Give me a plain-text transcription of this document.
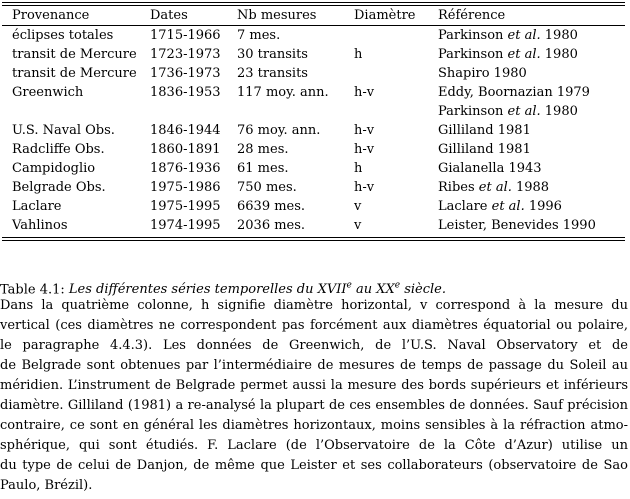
Provenance	Dates	Nb mesures	Diamètre	Référence

éclipses totales	1715-1966	7 mes.		Parkinson et al. 1980
transit de Mercure	1723-1973	30 transits	h	Parkinson et al. 1980
transit de Mercure	1736-1973	23 transits		Shapiro 1980
Greenwich	1836-1953	117 moy. ann.	h-v	Eddy, Boornazian 1979
				Parkinson et al. 1980
U.S. Naval Obs.	1846-1944	76 moy. ann.	h-v	Gilliland 1981
Radcliffe Obs.	1860-1891	28 mes.	h-v	Gilliland 1981
Campidoglio	1876-1936	61 mes.	h	Gialanella 1943
Belgrade Obs.	1975-1986	750 mes.	h-v	Ribes et al. 1988
Laclare	1975-1995	6639 mes.	v	Laclare et al. 1996
Vahlinos	1974-1995	2036 mes.	v	Leister, Benevides 1990
Table 4.1: Les différentes séries temporelles du XVIIe au XXe siècle.
Dans la quatrième colonne, h signifie diamètre horizontal, v correspond à la mesure du
vertical (ces diamètres ne correspondent pas forcément aux diamètres équatorial ou polaire,
le paragraphe 4.4.3). Les données de Greenwich, de l’U.S. Naval Observatory et de
de Belgrade sont obtenues par l’intermédiaire de mesures de temps de passage du Soleil au
méridien. L’instrument de Belgrade permet aussi la mesure des bords supérieurs et inférieurs
diamètre. Gilliland (1981) a re-analysé la plupart de ces ensembles de données. Sauf précision
contraire, ce sont en général les diamètres horizontaux, moins sensibles à la réfraction atmo-
sphérique, qui sont étudiés. F. Laclare (de l’Observatoire de la Côte d’Azur) utilise un
du type de celui de Danjon, de même que Leister et ses collaborateurs (observatoire de Sao
Paulo, Brézil).
